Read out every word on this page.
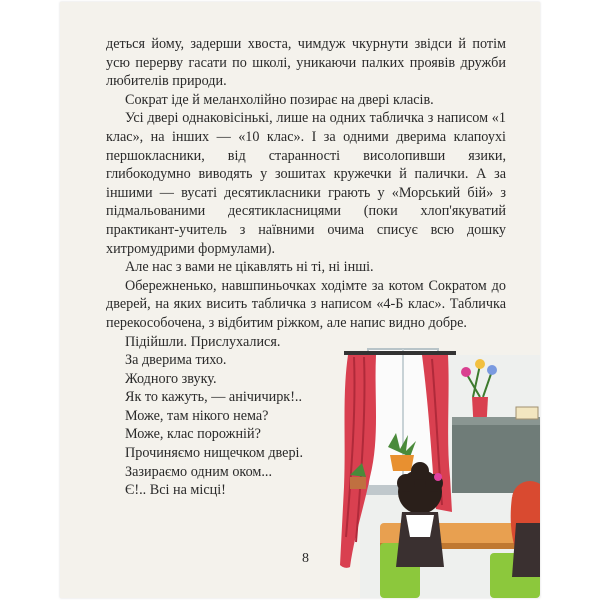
деться йому, задерши хвоста, чимдуж чкурнути звідси й потім усю перерву гасати по школі, уникаючи палких проявів дружби любителів природи.

Сократ іде й меланхолійно позирає на двері класів.

Усі двері однаковісінькі, лише на одних табличка з написом «1 клас», на інших — «10 клас». І за одними дверима клапоухі першокласники, від старанності висолопивши язики, глибокодумно виводять у зошитах кружечки й палички. А за іншими — вусаті десятикласники грають у «Морський бій» з підмальованими десятикласницями (поки хлоп'якуватий практикант-учитель з наївними очима списує всю дошку хитромудрими формулами).

Але нас з вами не цікавлять ні ті, ні інші.

Обережненько, навшпиньочках ходімте за котом Сократом до дверей, на яких висить табличка з написом «4-Б клас». Табличка перекособочена, з відбитим ріжком, але напис видно добре.

Підійшли. Прислухалися.

За дверима тихо.

Жодного звуку.

Як то кажуть, — анічичирк!..

Може, там нікого нема?

Може, клас порожній?

Прочиняємо нищечком двері.

Зазираємо одним оком...

Є!.. Всі на місці!

8
